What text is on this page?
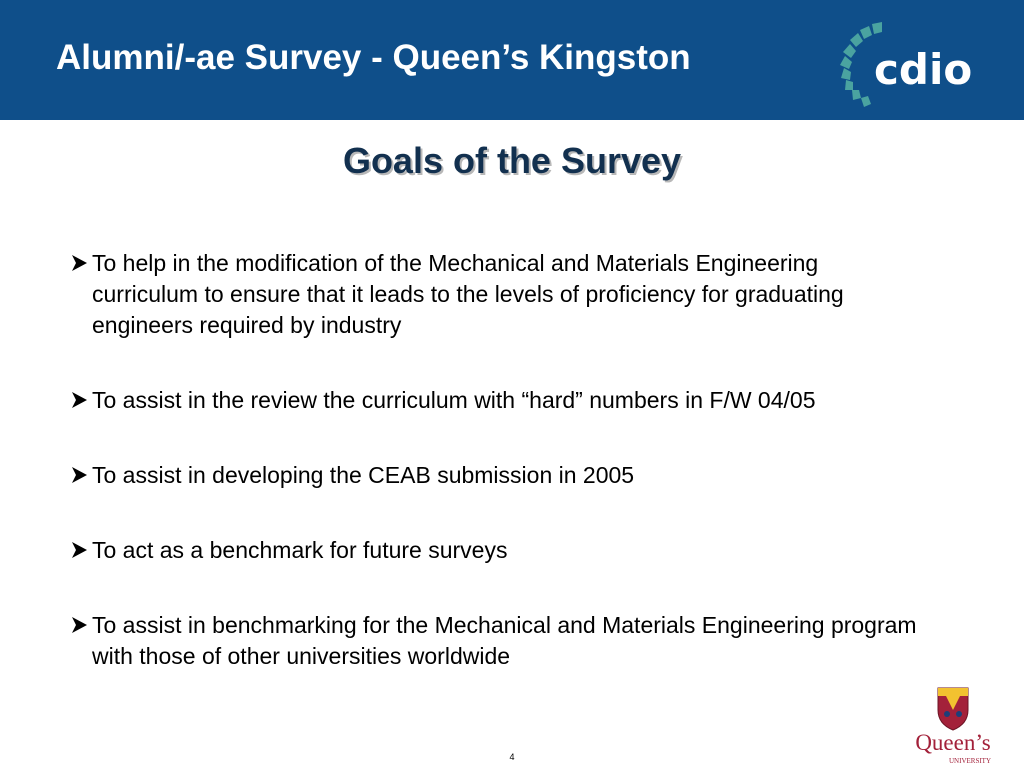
Alumni/-ae Survey - Queen’s Kingston	cdio
Goals of the Survey
To help in the modification of the Mechanical and Materials Engineering curriculum to ensure that it leads to the levels of proficiency for graduating engineers required by industry
To assist in the review the curriculum with “hard” numbers in F/W 04/05
To assist in developing the CEAB submission in 2005
To act as a benchmark for future surveys
To assist in benchmarking for the Mechanical and Materials Engineering program with those of other universities worldwide
Queen’s
UNIVERSITY
4
